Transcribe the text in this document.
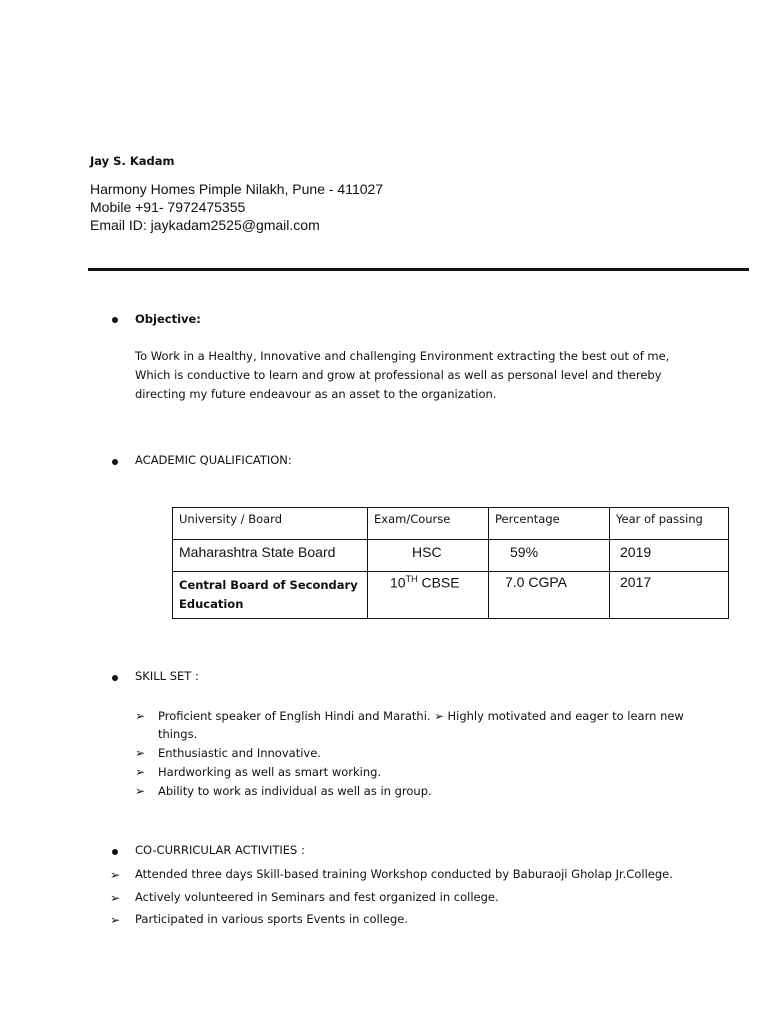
Jay S. Kadam
Harmony Homes Pimple Nilakh, Pune - 411027
Mobile +91- 7972475355
Email ID: jaykadam2525@gmail.com
Objective:
To Work in a Healthy, Innovative and challenging Environment extracting the best out of me,
Which is conductive to learn and grow at professional as well as personal level and thereby
directing my future endeavour as an asset to the organization.
ACADEMIC QUALIFICATION:
University / Board	Exam/Course	Percentage	Year of passing

Maharashtra State Board	HSC	59%	2019

Central Board of Secondary Education	10TH CBSE	7.0 CGPA	2017
SKILL SET :
➢ Proficient speaker of English Hindi and Marathi. ➢ Highly motivated and eager to learn new
things.
➢ Enthusiastic and Innovative.
➢ Hardworking as well as smart working.
➢ Ability to work as individual as well as in group.
CO-CURRICULAR ACTIVITIES :
➢ Attended three days Skill-based training Workshop conducted by Baburaoji Gholap Jr.College.
➢ Actively volunteered in Seminars and fest organized in college.
➢ Participated in various sports Events in college.
